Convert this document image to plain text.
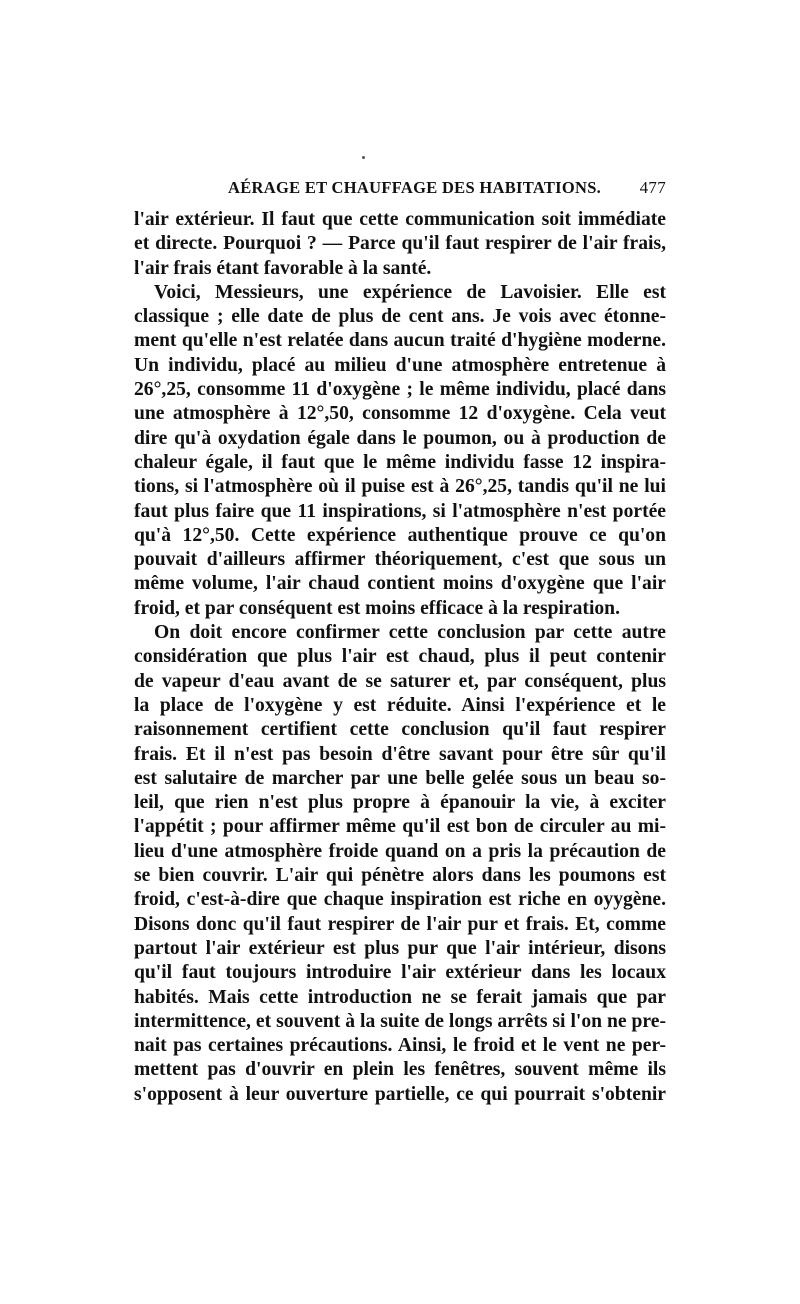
AÉRAGE ET CHAUFFAGE DES HABITATIONS. 477
l'air extérieur. Il faut que cette communication soit immédiate
et directe. Pourquoi ? — Parce qu'il faut respirer de l'air frais,
l'air frais étant favorable à la santé.
Voici, Messieurs, une expérience de Lavoisier. Elle est
classique ; elle date de plus de cent ans. Je vois avec étonne-
ment qu'elle n'est relatée dans aucun traité d'hygiène moderne.
Un individu, placé au milieu d'une atmosphère entretenue à
26°,25, consomme 11 d'oxygène ; le même individu, placé dans
une atmosphère à 12°,50, consomme 12 d'oxygène. Cela veut
dire qu'à oxydation égale dans le poumon, ou à production de
chaleur égale, il faut que le même individu fasse 12 inspira-
tions, si l'atmosphère où il puise est à 26°,25, tandis qu'il ne lui
faut plus faire que 11 inspirations, si l'atmosphère n'est portée
qu'à 12°,50. Cette expérience authentique prouve ce qu'on
pouvait d'ailleurs affirmer théoriquement, c'est que sous un
même volume, l'air chaud contient moins d'oxygène que l'air
froid, et par conséquent est moins efficace à la respiration.
On doit encore confirmer cette conclusion par cette autre
considération que plus l'air est chaud, plus il peut contenir
de vapeur d'eau avant de se saturer et, par conséquent, plus
la place de l'oxygène y est réduite. Ainsi l'expérience et le
raisonnement certifient cette conclusion qu'il faut respirer
frais. Et il n'est pas besoin d'être savant pour être sûr qu'il
est salutaire de marcher par une belle gelée sous un beau so-
leil, que rien n'est plus propre à épanouir la vie, à exciter
l'appétit ; pour affirmer même qu'il est bon de circuler au mi-
lieu d'une atmosphère froide quand on a pris la précaution de
se bien couvrir. L'air qui pénètre alors dans les poumons est
froid, c'est-à-dire que chaque inspiration est riche en oyygène.
Disons donc qu'il faut respirer de l'air pur et frais. Et, comme
partout l'air extérieur est plus pur que l'air intérieur, disons
qu'il faut toujours introduire l'air extérieur dans les locaux
habités. Mais cette introduction ne se ferait jamais que par
intermittence, et souvent à la suite de longs arrêts si l'on ne pre-
nait pas certaines précautions. Ainsi, le froid et le vent ne per-
mettent pas d'ouvrir en plein les fenêtres, souvent même ils
s'opposent à leur ouverture partielle, ce qui pourrait s'obtenir
